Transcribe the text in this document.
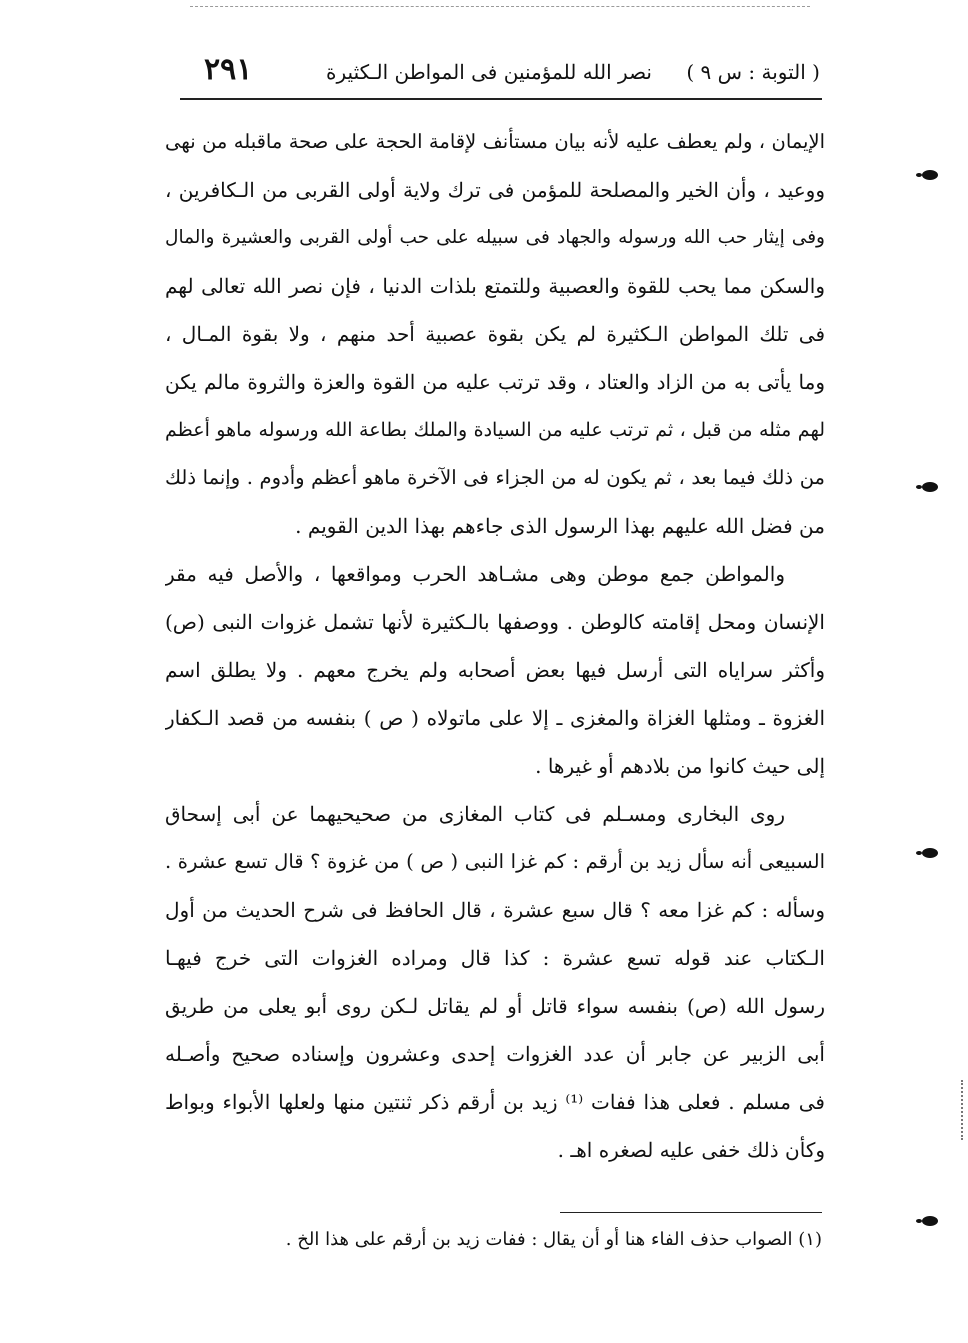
( التوبة : س ٩ )
نصر الله للمؤمنين فى المواطن الـكثيرة
٢٩١
الإيمان ، ولم يعطف عليه لأنه بيان مستأنف لإقامة الحجة على صحة ماقبله من نهى
ووعيد ، وأن الخير والمصلحة للمؤمن فى ترك ولاية أولى القربى من الـكافرين ،
وفى إيثار حب الله ورسوله والجهاد فى سبيله على حب أولى القربى والعشيرة والمال
والسكن مما يحب للقوة والعصبية وللتمتع بلذات الدنيا ، فإن نصر الله تعالى لهم
فى تلك المواطن الـكثيرة لم يكن بقوة عصبية أحد منهم ، ولا بقوة المـال ،
وما يأتى به من الزاد والعتاد ، وقد ترتب عليه من القوة والعزة والثروة مالم يكن
لهم مثله من قبل ، ثم ترتب عليه من السيادة والملك بطاعة الله ورسوله ماهو أعظم
من ذلك فيما بعد ، ثم يكون له من الجزاء فى الآخرة ماهو أعظم وأدوم . وإنما ذلك
من فضل الله عليهم بهذا الرسول الذى جاءهم بهذا الدين القويم .
والمواطن جمع موطن وهى مشـاهد الحرب ومواقعها ، والأصل فيه مقر
الإنسان ومحل إقامته كالوطن . ووصفها بالـكثيرة لأنها تشمل غزوات النبى (ص)
وأكثر سراياه التى أرسل فيها بعض أصحابه ولم يخرج معهم . ولا يطلق اسم
الغزوة ـ ومثلها الغزاة والمغزى ـ إلا على ماتولاه ( ص ) بنفسه من قصد الـكفار
إلى حيث كانوا من بلادهم أو غيرها .
روى البخارى ومسـلم فى كتاب المغازى من صحيحيهما عن أبى إسحاق
السبيعى أنه سأل زيد بن أرقم : كم غزا النبى ( ص ) من غزوة ؟ قال تسع عشرة .
وسأله : كم غزا معه ؟ قال سبع عشرة ، قال الحافظ فى شرح الحديث من أول
الـكتاب عند قوله تسع عشرة : كذا قال ومراده الغزوات التى خرج فيهـا
رسول الله (ص) بنفسه سواء قاتل أو لم يقاتل لـكن روى أبو يعلى من طريق
أبى الزبير عن جابر أن عدد الغزوات إحدى وعشرون وإسناده صحيح وأصـله
فى مسلم . فعلى هذا ففات ⁽¹⁾ زيد بن أرقم ذكر ثنتين منها ولعلها الأبواء وبواط
وكأن ذلك خفى عليه لصغره اهـ .
(١) الصواب حذف الفاء هنا أو أن يقال : ففات زيد بن أرقم على هذا الخ .
